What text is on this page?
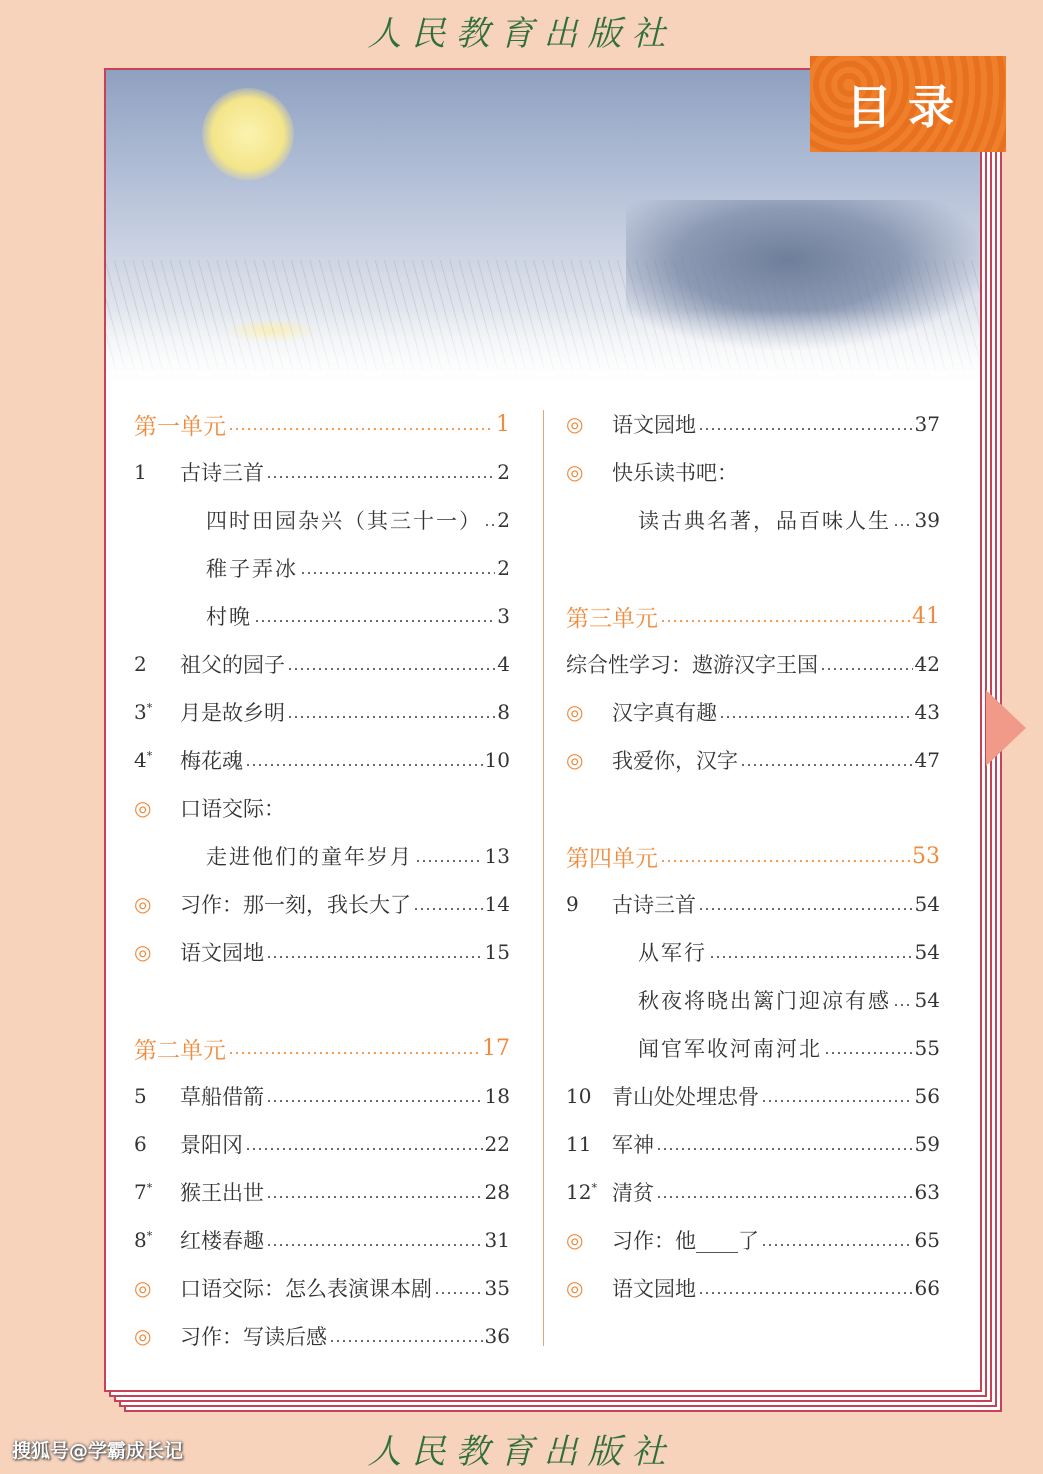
人民教育出版社
目录
第一单元	1
1	古诗三首	2
四时田园杂兴（其三十一） 2
稚子弄冰	2
村晚	3
2	祖父的园子	4
3*	月是故乡明	8
4*	梅花魂	10
◎	口语交际：
走进他们的童年岁月	13
◎	习作：那一刻，我长大了	14
◎	语文园地	15
第二单元	17
5	草船借箭	18
6	景阳冈	22
7*	猴王出世	28
8*	红楼春趣	31
◎	口语交际：怎么表演课本剧	35
◎	习作：写读后感	36
◎	语文园地	37
◎	快乐读书吧：
读古典名著，品百味人生 39
第三单元	41
综合性学习：遨游汉字王国	42
◎	汉字真有趣	43
◎	我爱你，汉字	47
第四单元	53
9	古诗三首	54
从军行	54
秋夜将晓出篱门迎凉有感 54
闻官军收河南河北	55
10 青山处处埋忠骨	56
11 军神	59
12* 清贫	63
◎	习作：他____了	65
◎	语文园地	66
人民教育出版社
搜狐号@学霸成长记
